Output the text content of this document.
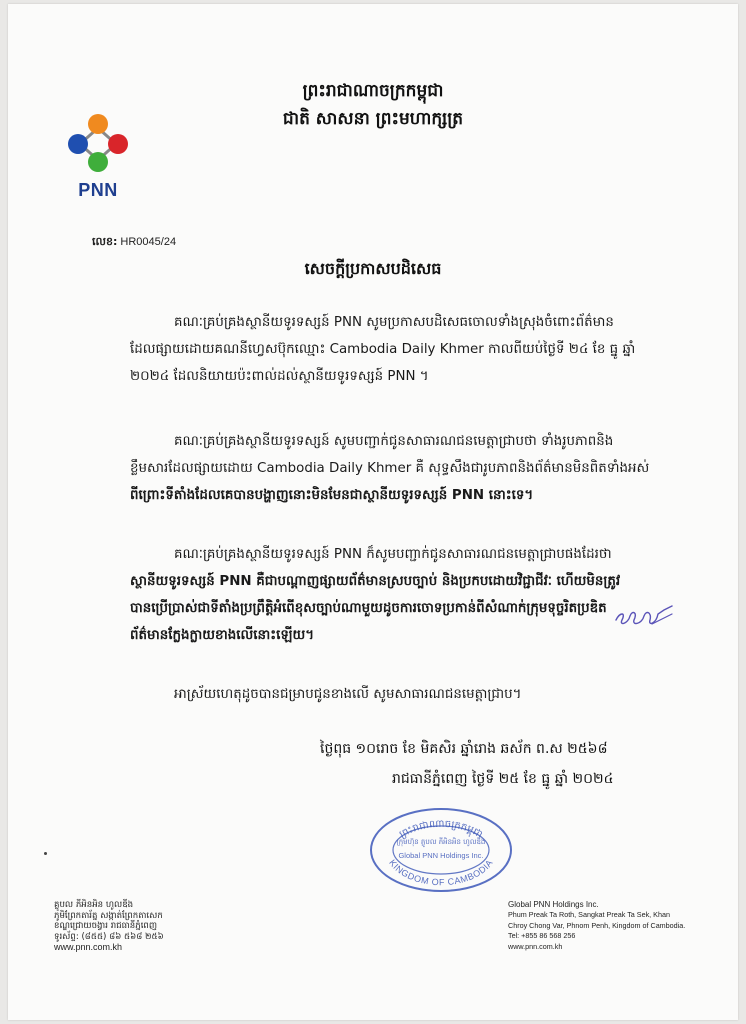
PNN
ព្រះរាជាណាចក្រកម្ពុជា
ជាតិ សាសនា ព្រះមហាក្សត្រ
លេខ: HR0045/24
សេចក្តីប្រកាសបដិសេធ

គណៈគ្រប់គ្រងស្ថានីយទូរទស្សន៍ PNN សូមប្រកាសបដិសេធចោលទាំងស្រុងចំពោះព័ត៌មាន

ដែលផ្សាយដោយគណនីហ្វេសប៊ុកឈ្មោះ Cambodia Daily Khmer កាលពីយប់ថ្ងៃទី ២៤ ខែ ធ្នូ ឆ្នាំ

២០២៤ ដែលនិយាយប៉ះពាល់ដល់ស្ថានីយទូរទស្សន៍ PNN ។

គណៈគ្រប់គ្រងស្ថានីយទូរទស្សន៍ សូមបញ្ជាក់ជូនសាធារណជនមេត្តាជ្រាបថា ទាំងរូបភាពនិង

ខ្លឹមសារដែលផ្សាយដោយ Cambodia Daily Khmer គឺ សុទ្ធសឹងជារូបភាពនិងព័ត៌មានមិនពិតទាំងអស់

ពីព្រោះទីតាំងដែលគេបានបង្ហាញនោះមិនមែនជាស្ថានីយទូរទស្សន៍ PNN នោះទេ។

គណៈគ្រប់គ្រងស្ថានីយទូរទស្សន៍ PNN ក៏សូមបញ្ជាក់ជូនសាធារណជនមេត្តាជ្រាបផងដែរថា

ស្ថានីយទូរទស្សន៍ PNN គឺជាបណ្តាញផ្សាយព័ត៌មានស្របច្បាប់ និងប្រកបដោយវិជ្ជាជីវៈ ហើយមិនត្រូវ

បានប្រើប្រាស់ជាទីតាំងប្រព្រឹត្តិអំពើខុសច្បាប់ណាមួយដូចការចោទប្រកាន់ពីសំណាក់ក្រុមទុច្ចរិតប្រឌិត

ព័ត៌មានក្លែងក្លាយខាងលើនោះឡើយ។

អាស្រ័យហេតុដូចបានជម្រាបជូនខាងលើ សូមសាធារណជនមេត្តាជ្រាប។

ថ្ងៃពុធ ១០រោច ខែ មិគសិរ ឆ្នាំរោង ឆស័ក ព.ស ២៥៦៨
រាជធានីភ្នំពេញ ថ្ងៃទី ២៥ ខែ ធ្នូ ឆ្នាំ ២០២៤
ព្រះរាជាណាចក្រកម្ពុជា
ក្រុមហ៊ុន គ្លូបល ភីអិនអិន ហូលឌីង
Global PNN Holdings Inc.
KINGDOM OF CAMBODIA
គ្លូបល ភីអិនអិន ហូលឌីង
ភូមិព្រែកតារ័ត្ន សង្កាត់ព្រែកតាសេក
ខណ្ឌជ្រោយចង្វារ រាជធានីភ្នំពេញ
ទូរស័ព្ទ: (៨៥៥) ៨៦ ៥៦៨ ២៥៦
www.pnn.com.kh
Global PNN Holdings Inc.
Phum Preak Ta Roth, Sangkat Preak Ta Sek, Khan
Chroy Chong Var, Phnom Penh, Kingdom of Cambodia.
Tel: +855 86 568 256
www.pnn.com.kh
